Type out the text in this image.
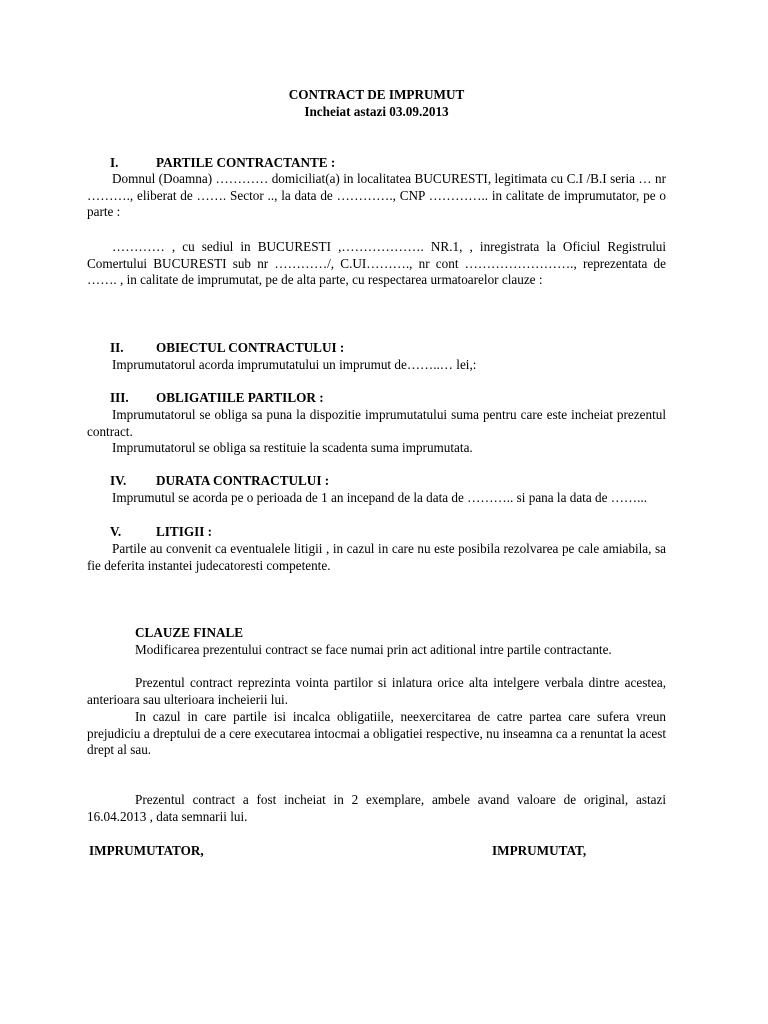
CONTRACT DE IMPRUMUT
Incheiat astazi 03.09.2013
I.	PARTILE CONTRACTANTE :
Domnul (Doamna) ………… domiciliat(a) in localitatea BUCURESTI, legitimata cu C.I /B.I seria … nr ………., eliberat de ……. Sector .., la data de …………., CNP ………….. in calitate de imprumutator, pe o parte :
………… , cu sediul in BUCURESTI ,………………. NR.1, , inregistrata la Oficiul Registrului Comertului BUCURESTI sub nr …………/, C.UI………., nr cont ……………………., reprezentata de ……. , in calitate de imprumutat, pe de alta parte, cu respectarea urmatoarelor clauze :
II. OBIECTUL CONTRACTULUI :
Imprumutatorul acorda imprumutatului un imprumut de……..… lei,:
III. OBLIGATIILE PARTILOR :
Imprumutatorul se obliga sa puna la dispozitie imprumutatului suma pentru care este incheiat prezentul contract.
Imprumutatorul se obliga sa restituie la scadenta suma imprumutata.
IV. DURATA CONTRACTULUI :
Imprumutul se acorda pe o perioada de 1 an incepand de la data de ……….. si pana la data de ……...
V.	LITIGII :
Partile au convenit ca eventualele litigii , in cazul in care nu este posibila rezolvarea pe cale amiabila, sa fie deferita instantei judecatoresti competente.
CLAUZE FINALE
Modificarea prezentului contract se face numai prin act aditional intre partile contractante.
Prezentul contract reprezinta vointa partilor si inlatura orice alta intelgere verbala dintre acestea, anterioara sau ulterioara incheierii lui.
In cazul in care partile isi incalca obligatiile, neexercitarea de catre partea care sufera vreun prejudiciu a dreptului de a cere executarea intocmai a obligatiei respective, nu inseamna ca a renuntat la acest drept al sau.
Prezentul contract a fost incheiat in 2 exemplare, ambele avand valoare de original, astazi 16.04.2013 , data semnarii lui.
IMPRUMUTATOR,	IMPRUMUTAT,
